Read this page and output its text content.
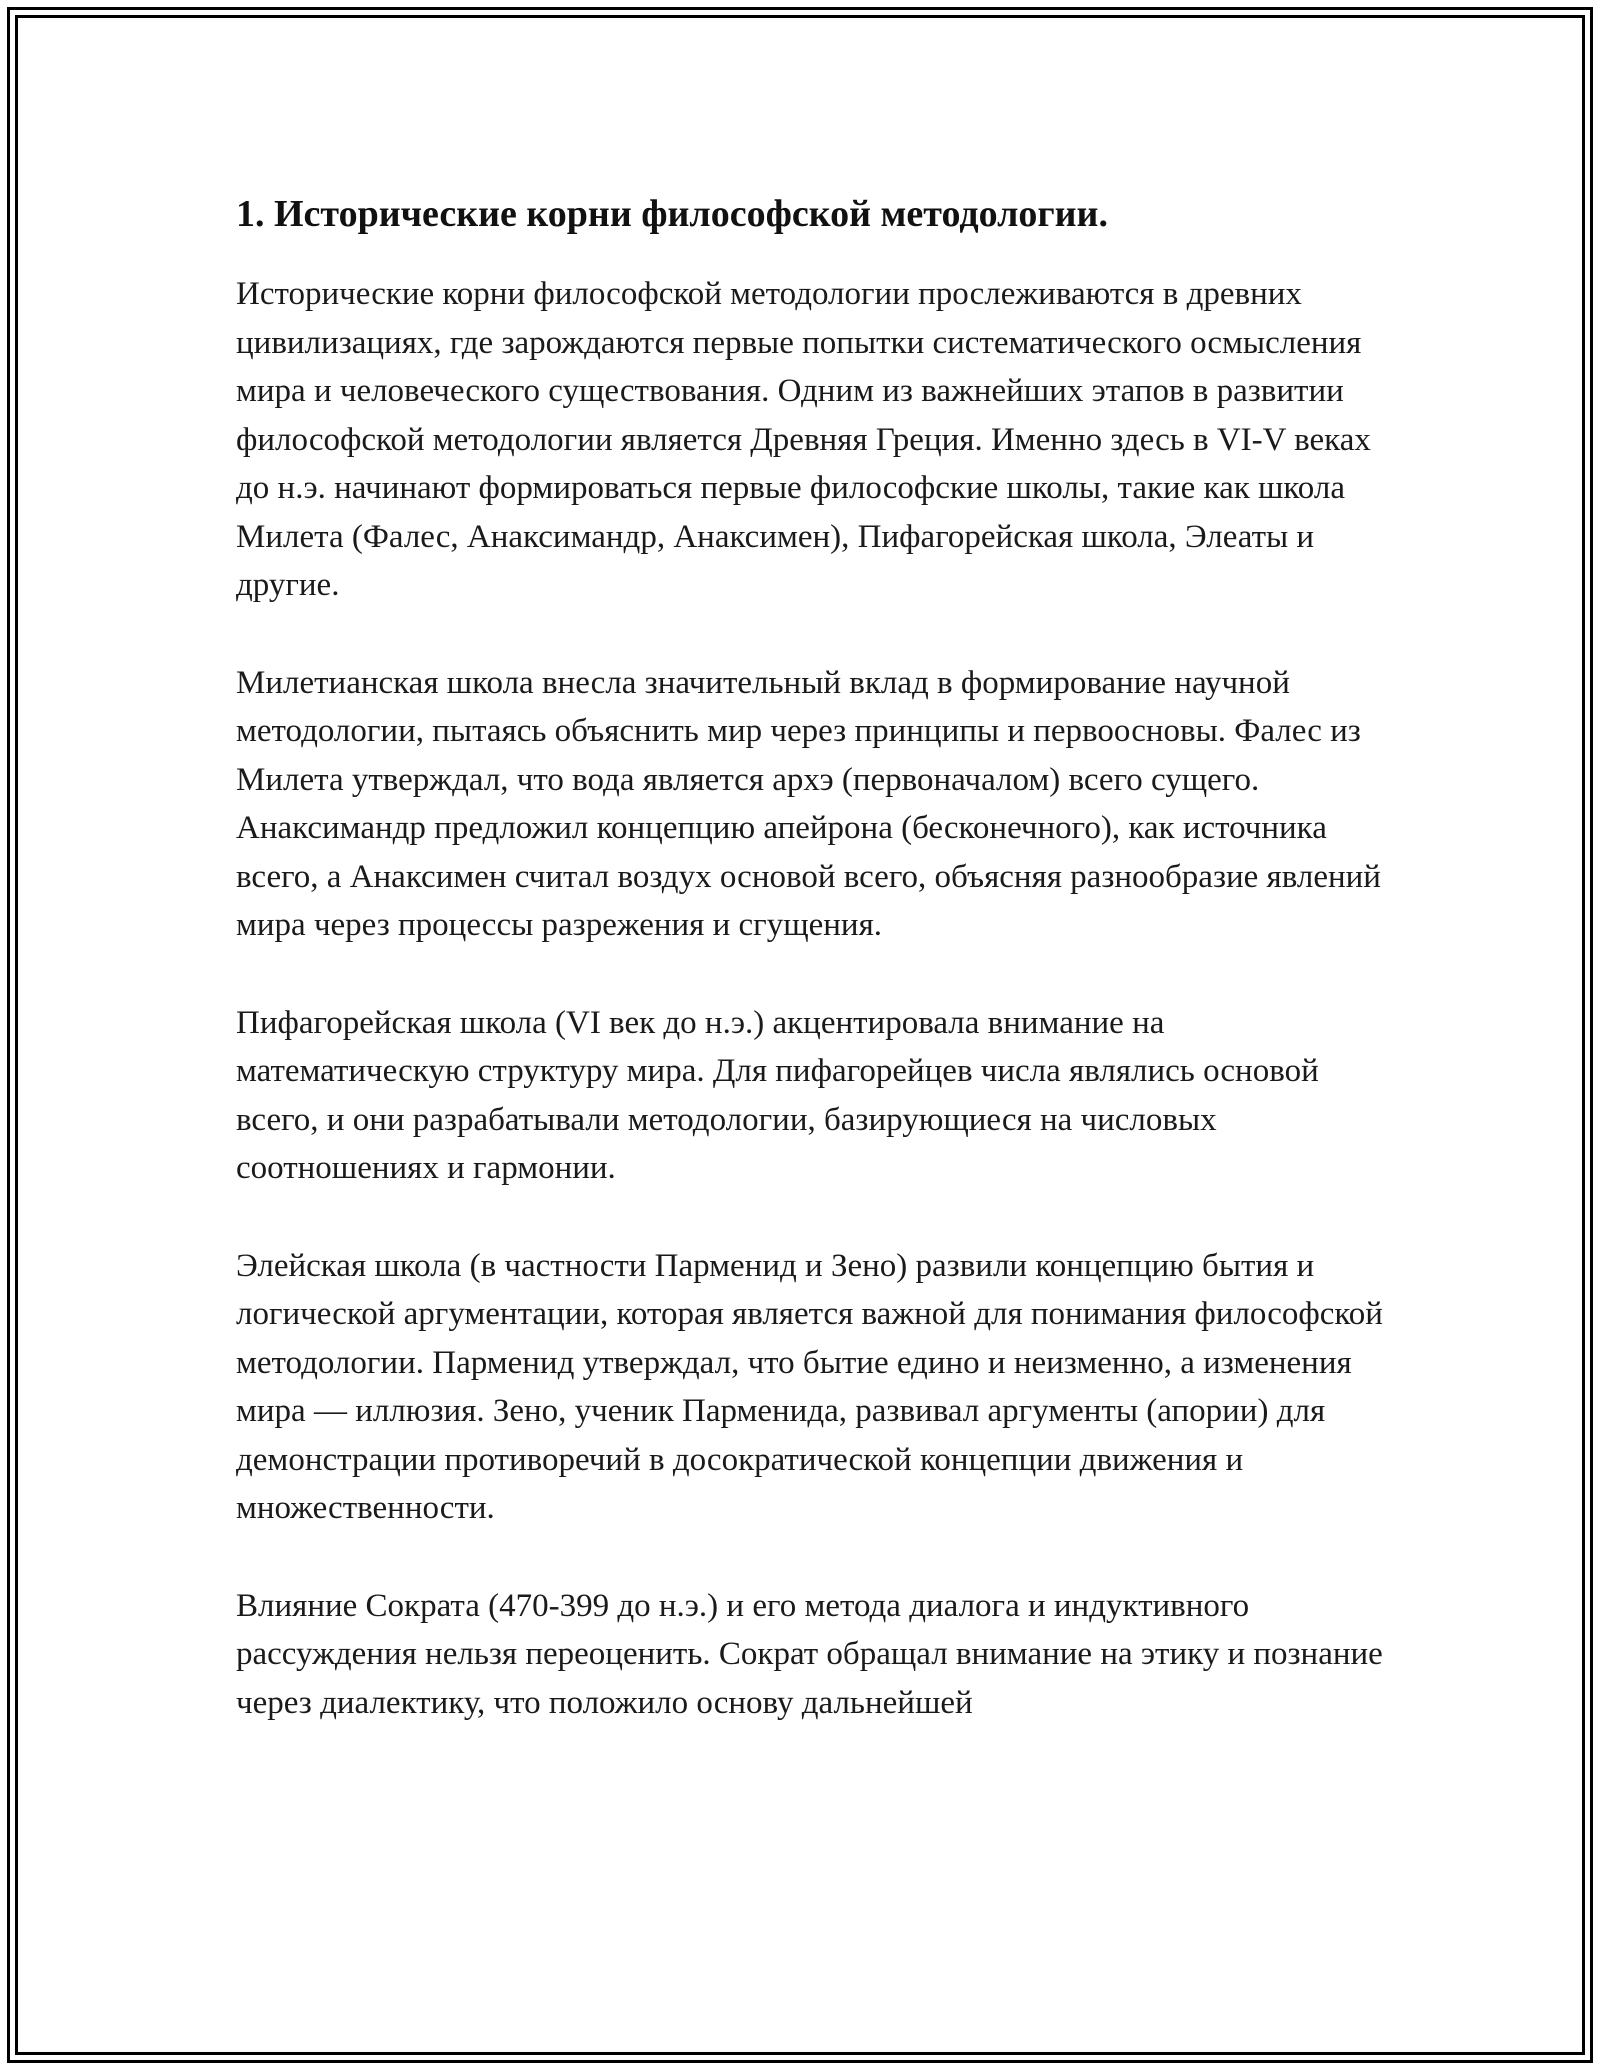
1. Исторические корни философской методологии.

Исторические корни философской методологии прослеживаются в древних цивилизациях, где зарождаются первые попытки систематического осмысления мира и человеческого существования. Одним из важнейших этапов в развитии философской методологии является Древняя Греция. Именно здесь в VI-V веках до н.э. начинают формироваться первые философские школы, такие как школа Милета (Фалес, Анаксимандр, Анаксимен), Пифагорейская школа, Элеаты и другие.

Милетианская школа внесла значительный вклад в формирование научной методологии, пытаясь объяснить мир через принципы и первоосновы. Фалес из Милета утверждал, что вода является архэ (первоначалом) всего сущего. Анаксимандр предложил концепцию апейрона (бесконечного), как источника всего, а Анаксимен считал воздух основой всего, объясняя разнообразие явлений мира через процессы разрежения и сгущения.

Пифагорейская школа (VI век до н.э.) акцентировала внимание на математическую структуру мира. Для пифагорейцев числа являлись основой всего, и они разрабатывали методологии, базирующиеся на числовых соотношениях и гармонии.

Элейская школа (в частности Парменид и Зено) развили концепцию бытия и логической аргументации, которая является важной для понимания философской методологии. Парменид утверждал, что бытие едино и неизменно, а изменения мира — иллюзия. Зено, ученик Парменида, развивал аргументы (апории) для демонстрации противоречий в досократической концепции движения и множественности.

Влияние Сократа (470-399 до н.э.) и его метода диалога и индуктивного рассуждения нельзя переоценить. Сократ обращал внимание на этику и познание через диалектику, что положило основу дальнейшей
